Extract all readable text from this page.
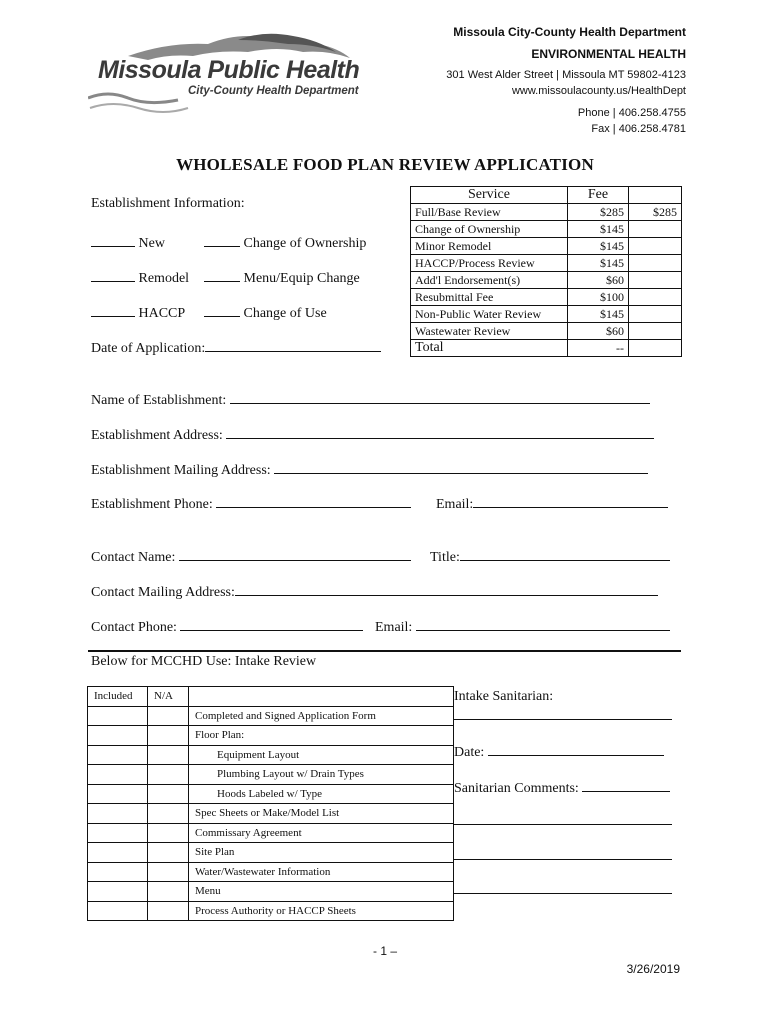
Missoula Public Health
City-County Health Department
Missoula City-County Health Department
ENVIRONMENTAL HEALTH
301 West Alder Street | Missoula MT 59802-4123
www.missoulacounty.us/HealthDept
Phone | 406.258.4755
Fax | 406.258.4781
WHOLESALE FOOD PLAN REVIEW APPLICATION
Establishment Information:
New	Change of Ownership
Remodel	Menu/Equip Change
HACCP	Change of Use
Date of Application:
Service	Fee	
Full/Base Review	$285	$285
Change of Ownership	$145	
Minor Remodel	$145	
HACCP/Process Review	$145	
Add'l Endorsement(s)	$60	
Resubmittal Fee	$100	
Non-Public Water Review	$145	
Wastewater Review	$60	
Total	--	
Name of Establishment:
Establishment Address:
Establishment Mailing Address:
Establishment Phone:	Email:
Contact Name:	Title:
Contact Mailing Address:
Contact Phone:	Email:
Below for MCCHD Use: Intake Review
Included	N/A	
		Completed and Signed Application Form
		Floor Plan:
		Equipment Layout
		Plumbing Layout w/ Drain Types
		Hoods Labeled w/ Type
		Spec Sheets or Make/Model List
		Commissary Agreement
		Site Plan
		Water/Wastewater Information
		Menu
		Process Authority or HACCP Sheets
Intake Sanitarian:
Date:
Sanitarian Comments:
- 1 –
3/26/2019
